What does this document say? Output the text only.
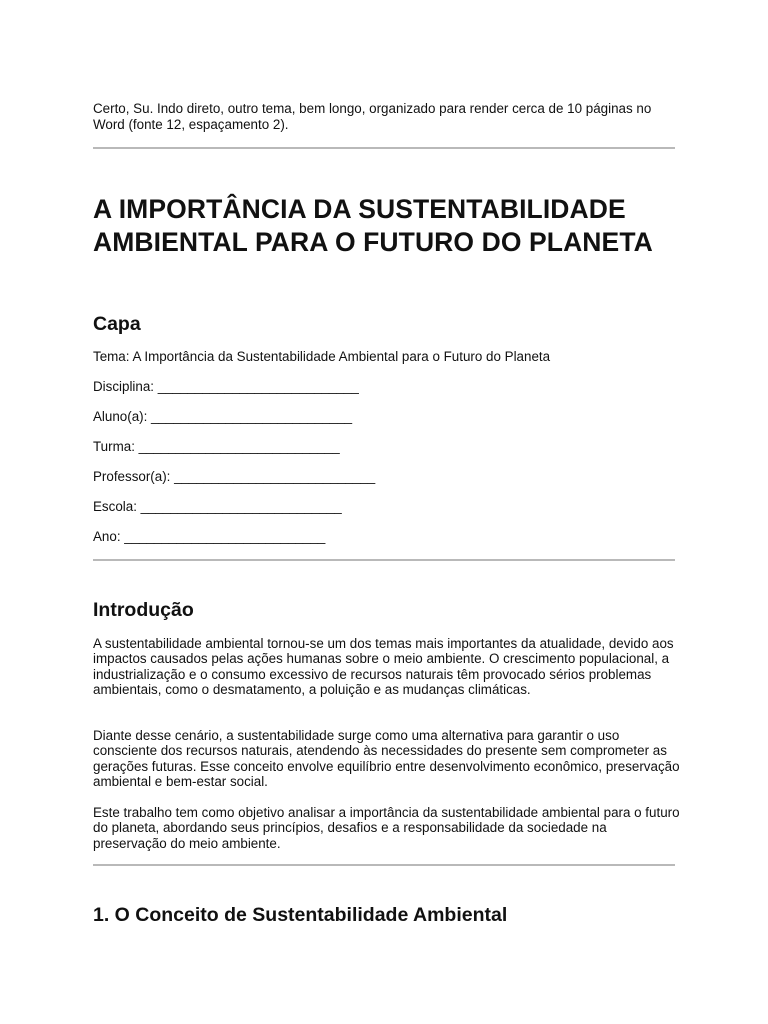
Certo, Su. Indo direto, outro tema, bem longo, organizado para render cerca de 10 páginas no Word (fonte 12, espaçamento 2).

A IMPORTÂNCIA DA SUSTENTABILIDADE AMBIENTAL PARA O FUTURO DO PLANETA
Capa

Tema: A Importância da Sustentabilidade Ambiental para o Futuro do Planeta

Disciplina: ___________________________

Aluno(a): ___________________________

Turma: ___________________________

Professor(a): ___________________________

Escola: ___________________________

Ano: ___________________________

Introdução

A sustentabilidade ambiental tornou-se um dos temas mais importantes da atualidade, devido aos impactos causados pelas ações humanas sobre o meio ambiente. O crescimento populacional, a industrialização e o consumo excessivo de recursos naturais têm provocado sérios problemas ambientais, como o desmatamento, a poluição e as mudanças climáticas.

Diante desse cenário, a sustentabilidade surge como uma alternativa para garantir o uso consciente dos recursos naturais, atendendo às necessidades do presente sem comprometer as gerações futuras. Esse conceito envolve equilíbrio entre desenvolvimento econômico, preservação ambiental e bem-estar social.

Este trabalho tem como objetivo analisar a importância da sustentabilidade ambiental para o futuro do planeta, abordando seus princípios, desafios e a responsabilidade da sociedade na preservação do meio ambiente.

1. O Conceito de Sustentabilidade Ambiental
